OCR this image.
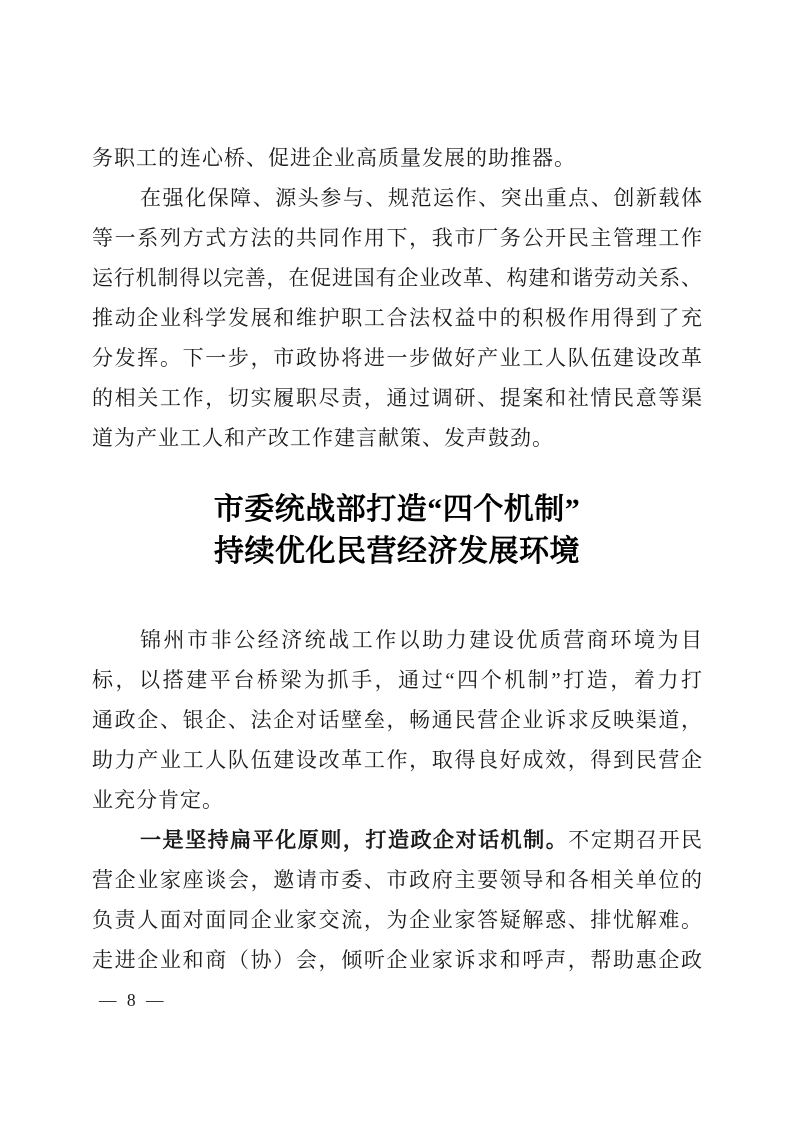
务职工的连心桥、促进企业高质量发展的助推器。
在强化保障、源头参与、规范运作、突出重点、创新载体
等一系列方式方法的共同作用下，我市厂务公开民主管理工作
运行机制得以完善，在促进国有企业改革、构建和谐劳动关系、
推动企业科学发展和维护职工合法权益中的积极作用得到了充
分发挥。下一步，市政协将进一步做好产业工人队伍建设改革
的相关工作，切实履职尽责，通过调研、提案和社情民意等渠
道为产业工人和产改工作建言献策、发声鼓劲。
市委统战部打造“四个机制”
持续优化民营经济发展环境
锦州市非公经济统战工作以助力建设优质营商环境为目
标，以搭建平台桥梁为抓手，通过“四个机制”打造，着力打
通政企、银企、法企对话壁垒，畅通民营企业诉求反映渠道，
助力产业工人队伍建设改革工作，取得良好成效，得到民营企
业充分肯定。
一是坚持扁平化原则，打造政企对话机制。不定期召开民
营企业家座谈会，邀请市委、市政府主要领导和各相关单位的
负责人面对面同企业家交流，为企业家答疑解惑、排忧解难。
走进企业和商（协）会，倾听企业家诉求和呼声，帮助惠企政
— 8 —
